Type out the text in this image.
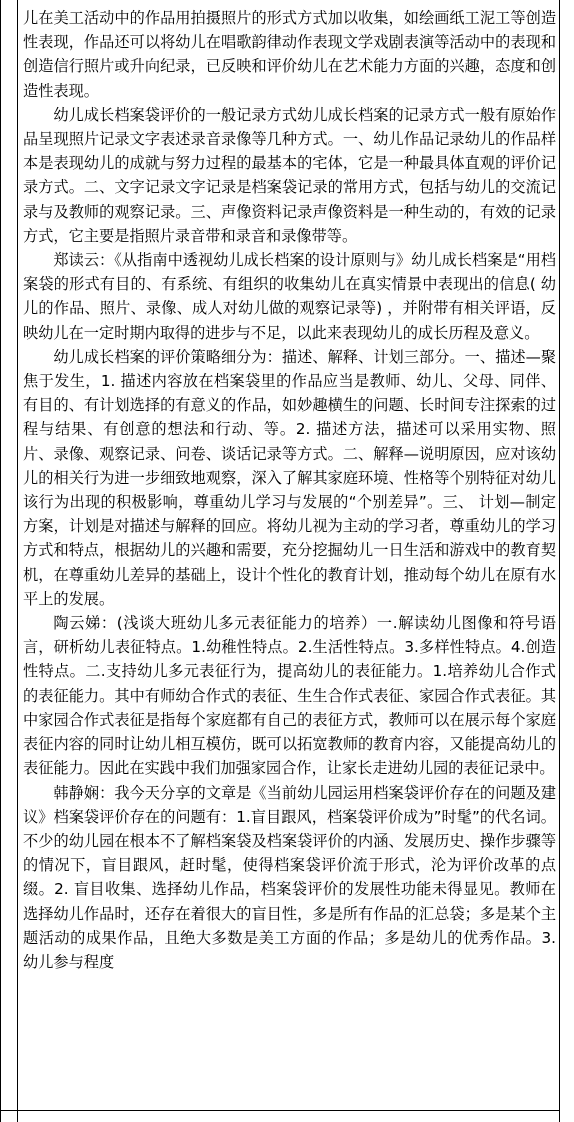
儿在美工活动中的作品用拍摄照片的形式方式加以收集，如绘画纸工泥工等创造性表现，作品还可以将幼儿在唱歌韵律动作表现文学戏剧表演等活动中的表现和创造信行照片或升向纪录，已反映和评价幼儿在艺术能力方面的兴趣，态度和创造性表现。

幼儿成长档案袋评价的一般记录方式幼儿成长档案的记录方式一般有原始作品呈现照片记录文字表述录音录像等几种方式。一、幼儿作品记录幼儿的作品样本是表现幼儿的成就与努力过程的最基本的宅体，它是一种最具体直观的评价记录方式。二、文字记录文字记录是档案袋记录的常用方式，包括与幼儿的交流记录与及教师的观察记录。三、声像资料记录声像资料是一种生动的，有效的记录方式，它主要是指照片录音带和录音和录像带等。

郑读云：《从指南中透视幼儿成长档案的设计原则与》幼儿成长档案是“用档案袋的形式有目的、有系统、有组织的收集幼儿在真实情景中表现出的信息( 幼儿的作品、照片、录像、成人对幼儿做的观察记录等) ，并附带有相关评语，反映幼儿在一定时期内取得的进步与不足，以此来表现幼儿的成长历程及意义。

幼儿成长档案的评价策略细分为：描述、解释、计划三部分。一、描述—聚焦于发生，1. 描述内容放在档案袋里的作品应当是教师、幼儿、父母、同伴、有目的、有计划选择的有意义的作品，如妙趣横生的问题、长时间专注探索的过程与结果、有创意的想法和行动、等。2. 描述方法，描述可以采用实物、照片、录像、观察记录、问卷、谈话记录等方式。二、解释—说明原因，应对该幼儿的相关行为进一步细致地观察，深入了解其家庭环境、性格等个别特征对幼儿该行为出现的积极影响，尊重幼儿学习与发展的“个别差异”。三、 计划—制定方案，计划是对描述与解释的回应。将幼儿视为主动的学习者，尊重幼儿的学习方式和特点，根据幼儿的兴趣和需要，充分挖掘幼儿一日生活和游戏中的教育契机，在尊重幼儿差异的基础上，设计个性化的教育计划，推动每个幼儿在原有水平上的发展。

陶云娣：(浅谈大班幼儿多元表征能力的培养）一.解读幼儿图像和符号语言，研析幼儿表征特点。1.幼稚性特点。2.生活性特点。3.多样性特点。4.创造性特点。二.支持幼儿多元表征行为，提高幼儿的表征能力。1.培养幼儿合作式的表征能力。其中有师幼合作式的表征、生生合作式表征、家园合作式表征。其中家园合作式表征是指每个家庭都有自己的表征方式，教师可以在展示每个家庭表征内容的同时让幼儿相互模仿，既可以拓宽教师的教育内容，又能提高幼儿的表征能力。因此在实践中我们加强家园合作，让家长走进幼儿园的表征记录中。

韩静娴：我今天分享的文章是《当前幼儿园运用档案袋评价存在的问题及建议》档案袋评价存在的问题有：1.盲目跟风，档案袋评价成为”时髦”的代名词。不少的幼儿园在根本不了解档案袋及档案袋评价的内涵、发展历史、操作步骤等的情况下，盲目跟风，赶时髦，使得档案袋评价流于形式，沦为评价改革的点缀。2. 盲目收集、选择幼儿作品，档案袋评价的发展性功能未得显见。教师在选择幼儿作品时，还存在着很大的盲目性，多是所有作品的汇总袋；多是某个主题活动的成果作品，且绝大多数是美工方面的作品；多是幼儿的优秀作品。3. 幼儿参与程度
